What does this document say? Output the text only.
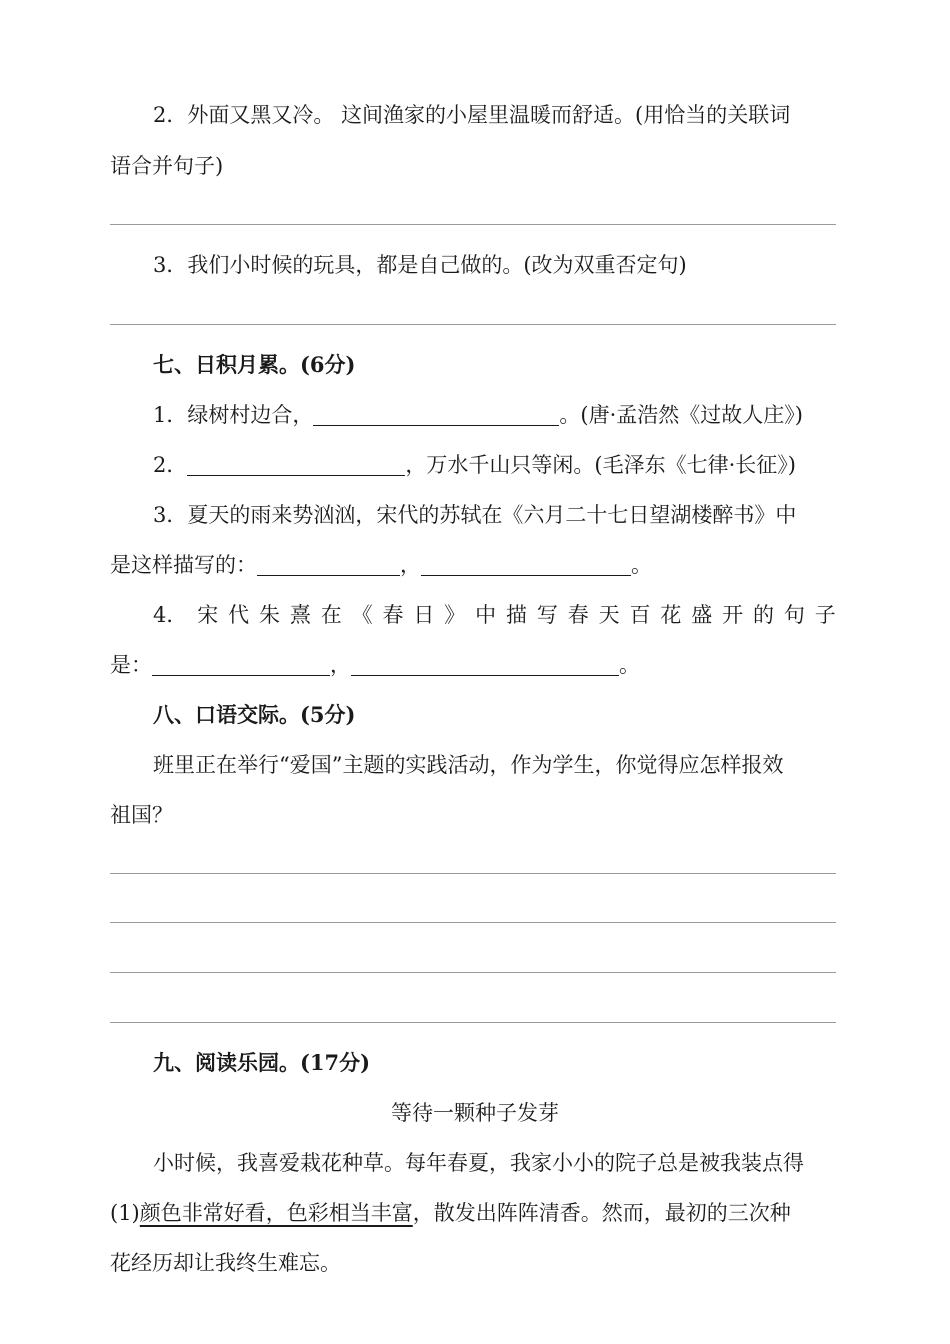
2．外面又黑又冷。 这间渔家的小屋里温暖而舒适。(用恰当的关联词
语合并句子)
3．我们小时候的玩具，都是自己做的。(改为双重否定句)
七、日积月累。(6分)
1．绿树村边合，	。(唐·孟浩然《过故人庄》)
2．	，万水千山只等闲。(毛泽东《七律·长征》)
3．夏天的雨来势汹汹，宋代的苏轼在《六月二十七日望湖楼醉书》中
是这样描写的：	，	。
4． 宋 代 朱 熹 在 《 春 日 》 中 描 写 春 天 百 花 盛 开 的 句 子
是：	，	。
八、口语交际。(5分)
班里正在举行“爱国”主题的实践活动，作为学生，你觉得应怎样报效
祖国？
九、阅读乐园。(17分)
等待一颗种子发芽
小时候，我喜爱栽花种草。每年春夏，我家小小的院子总是被我装点得
(1)颜色非常好看，色彩相当丰富，散发出阵阵清香。然而，最初的三次种
花经历却让我终生难忘。
